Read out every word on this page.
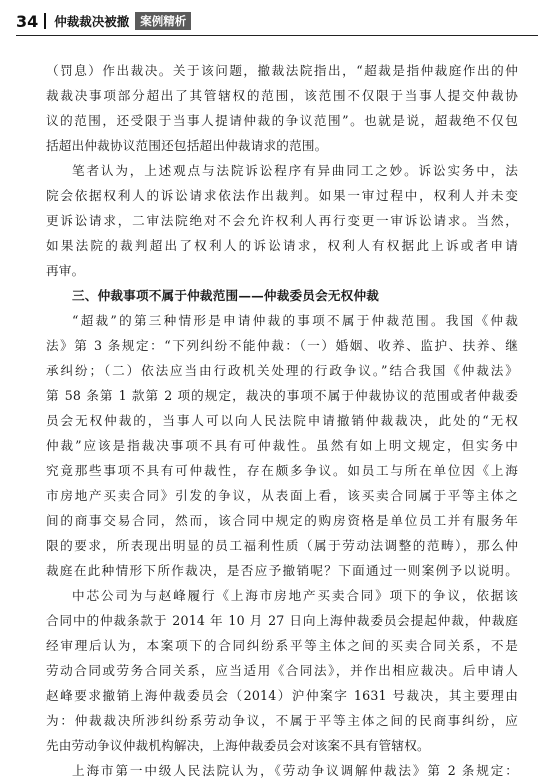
34 仲裁裁决被撤 案例精析
（罚息）作出裁决。关于该问题，撤裁法院指出，“超裁是指仲裁庭作出的仲
裁裁决事项部分超出了其管辖权的范围，该范围不仅限于当事人提交仲裁协
议的范围，还受限于当事人提请仲裁的争议范围”。也就是说，超裁绝不仅包
括超出仲裁协议范围还包括超出仲裁请求的范围。
笔者认为，上述观点与法院诉讼程序有异曲同工之妙。诉讼实务中，法
院会依据权利人的诉讼请求依法作出裁判。如果一审过程中，权利人并未变
更诉讼请求，二审法院绝对不会允许权利人再行变更一审诉讼请求。当然，
如果法院的裁判超出了权利人的诉讼请求，权利人有权据此上诉或者申请
再审。
三、仲裁事项不属于仲裁范围——仲裁委员会无权仲裁
“超裁”的第三种情形是申请仲裁的事项不属于仲裁范围。我国《仲裁
法》第 3 条规定：“下列纠纷不能仲裁：（一）婚姻、收养、监护、扶养、继
承纠纷；（二）依法应当由行政机关处理的行政争议。”结合我国《仲裁法》
第 58 条第 1 款第 2 项的规定，裁决的事项不属于仲裁协议的范围或者仲裁委
员会无权仲裁的，当事人可以向人民法院申请撤销仲裁裁决，此处的“无权
仲裁”应该是指裁决事项不具有可仲裁性。虽然有如上明文规定，但实务中
究竟那些事项不具有可仲裁性，存在颇多争议。如员工与所在单位因《上海
市房地产买卖合同》引发的争议，从表面上看，该买卖合同属于平等主体之
间的商事交易合同，然而，该合同中规定的购房资格是单位员工并有服务年
限的要求，所表现出明显的员工福利性质（属于劳动法调整的范畴），那么仲
裁庭在此种情形下所作裁决，是否应予撤销呢？下面通过一则案例予以说明。
中芯公司为与赵峰履行《上海市房地产买卖合同》项下的争议，依据该
合同中的仲裁条款于 2014 年 10 月 27 日向上海仲裁委员会提起仲裁，仲裁庭
经审理后认为，本案项下的合同纠纷系平等主体之间的买卖合同关系，不是
劳动合同或劳务合同关系，应当适用《合同法》，并作出相应裁决。后申请人
赵峰要求撤销上海仲裁委员会（2014）沪仲案字 1631 号裁决，其主要理由
为：仲裁裁决所涉纠纷系劳动争议，不属于平等主体之间的民商事纠纷，应
先由劳动争议仲裁机构解决，上海仲裁委员会对该案不具有管辖权。
上海市第一中级人民法院认为，《劳动争议调解仲裁法》第 2 条规定：
